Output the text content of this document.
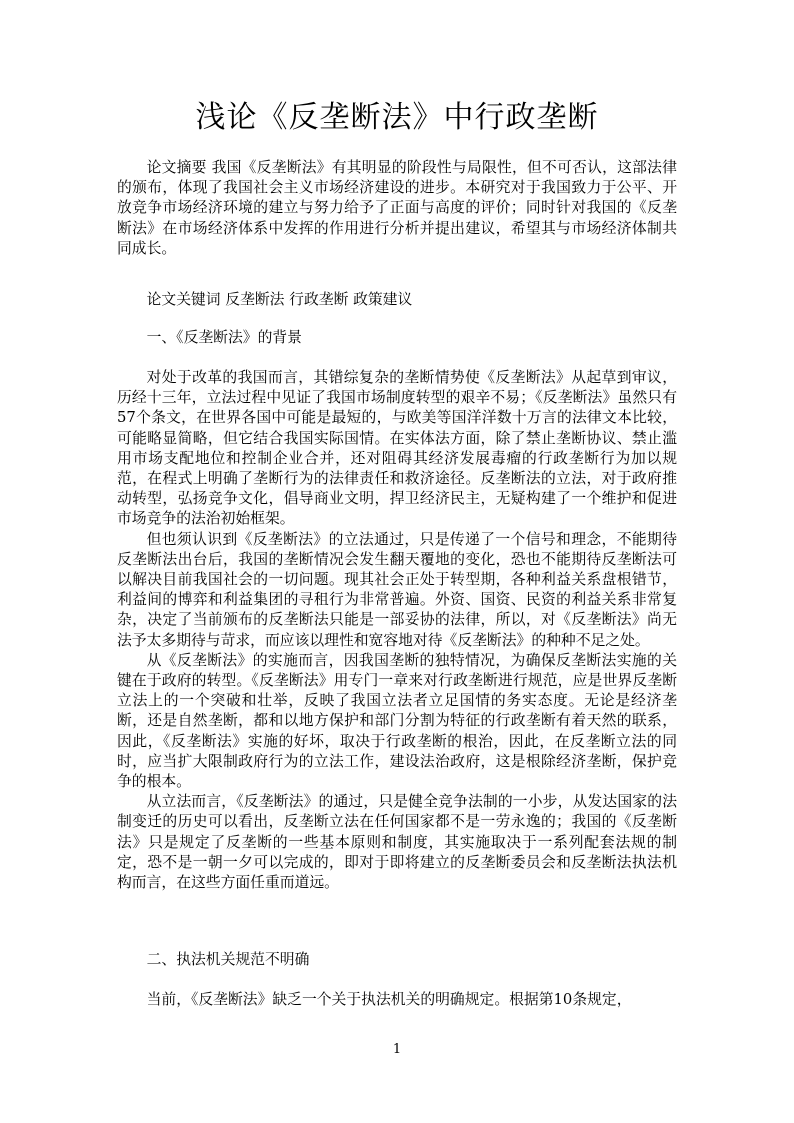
浅论《反垄断法》中行政垄断

论文摘要 我国《反垄断法》有其明显的阶段性与局限性，但不可否认，这部法律的颁布，体现了我国社会主义市场经济建设的进步。本研究对于我国致力于公平、开放竞争市场经济环境的建立与努力给予了正面与高度的评价；同时针对我国的《反垄断法》在市场经济体系中发挥的作用进行分析并提出建议，希望其与市场经济体制共同成长。

论文关键词 反垄断法 行政垄断 政策建议

一、《反垄断法》的背景

对处于改革的我国而言，其错综复杂的垄断情势使《反垄断法》从起草到审议，历经十三年，立法过程中见证了我国市场制度转型的艰辛不易；《反垄断法》虽然只有57个条文，在世界各国中可能是最短的，与欧美等国洋洋数十万言的法律文本比较，可能略显简略，但它结合我国实际国情。在实体法方面，除了禁止垄断协议、禁止滥用市场支配地位和控制企业合并，还对阻碍其经济发展毒瘤的行政垄断行为加以规范，在程式上明确了垄断行为的法律责任和救济途径。反垄断法的立法，对于政府推动转型，弘扬竞争文化，倡导商业文明，捍卫经济民主，无疑构建了一个维护和促进市场竞争的法治初始框架。

但也须认识到《反垄断法》的立法通过，只是传递了一个信号和理念，不能期待反垄断法出台后，我国的垄断情况会发生翻天覆地的变化，恐也不能期待反垄断法可以解决目前我国社会的一切问题。现其社会正处于转型期，各种利益关系盘根错节，利益间的博弈和利益集团的寻租行为非常普遍。外资、国资、民资的利益关系非常复杂，决定了当前颁布的反垄断法只能是一部妥协的法律，所以，对《反垄断法》尚无法予太多期待与苛求，而应该以理性和宽容地对待《反垄断法》的种种不足之处。

从《反垄断法》的实施而言，因我国垄断的独特情况，为确保反垄断法实施的关键在于政府的转型。《反垄断法》用专门一章来对行政垄断进行规范，应是世界反垄断立法上的一个突破和壮举，反映了我国立法者立足国情的务实态度。无论是经济垄断，还是自然垄断，都和以地方保护和部门分割为特征的行政垄断有着天然的联系，因此，《反垄断法》实施的好坏，取决于行政垄断的根治，因此，在反垄断立法的同时，应当扩大限制政府行为的立法工作，建设法治政府，这是根除经济垄断，保护竞争的根本。

从立法而言，《反垄断法》的通过，只是健全竞争法制的一小步，从发达国家的法制变迁的历史可以看出，反垄断立法在任何国家都不是一劳永逸的；我国的《反垄断法》只是规定了反垄断的一些基本原则和制度，其实施取决于一系列配套法规的制定，恐不是一朝一夕可以完成的，即对于即将建立的反垄断委员会和反垄断法执法机构而言，在这些方面任重而道远。

二、执法机关规范不明确

当前，《反垄断法》缺乏一个关于执法机关的明确规定。根据第10条规定，

1
